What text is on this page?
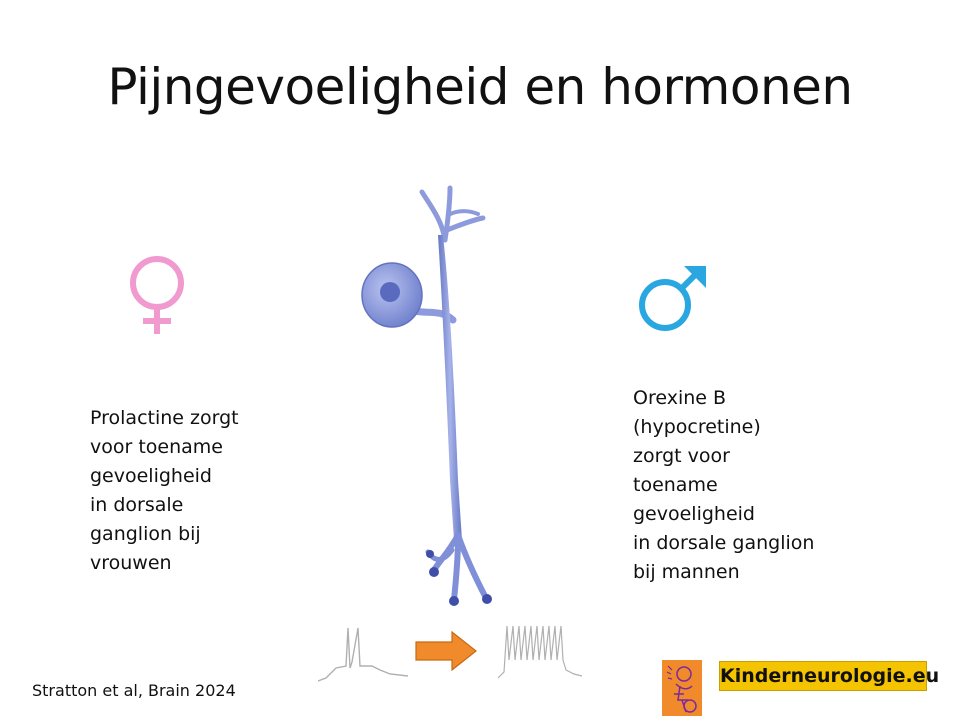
Pijngevoeligheid en hormonen
Prolactine zorgt
voor toename
gevoeligheid
in dorsale
ganglion bij
vrouwen
Orexine B
(hypocretine)
zorgt voor
toename
gevoeligheid
in dorsale ganglion
bij mannen
Stratton et al, Brain 2024
Kinderneurologie.eu
